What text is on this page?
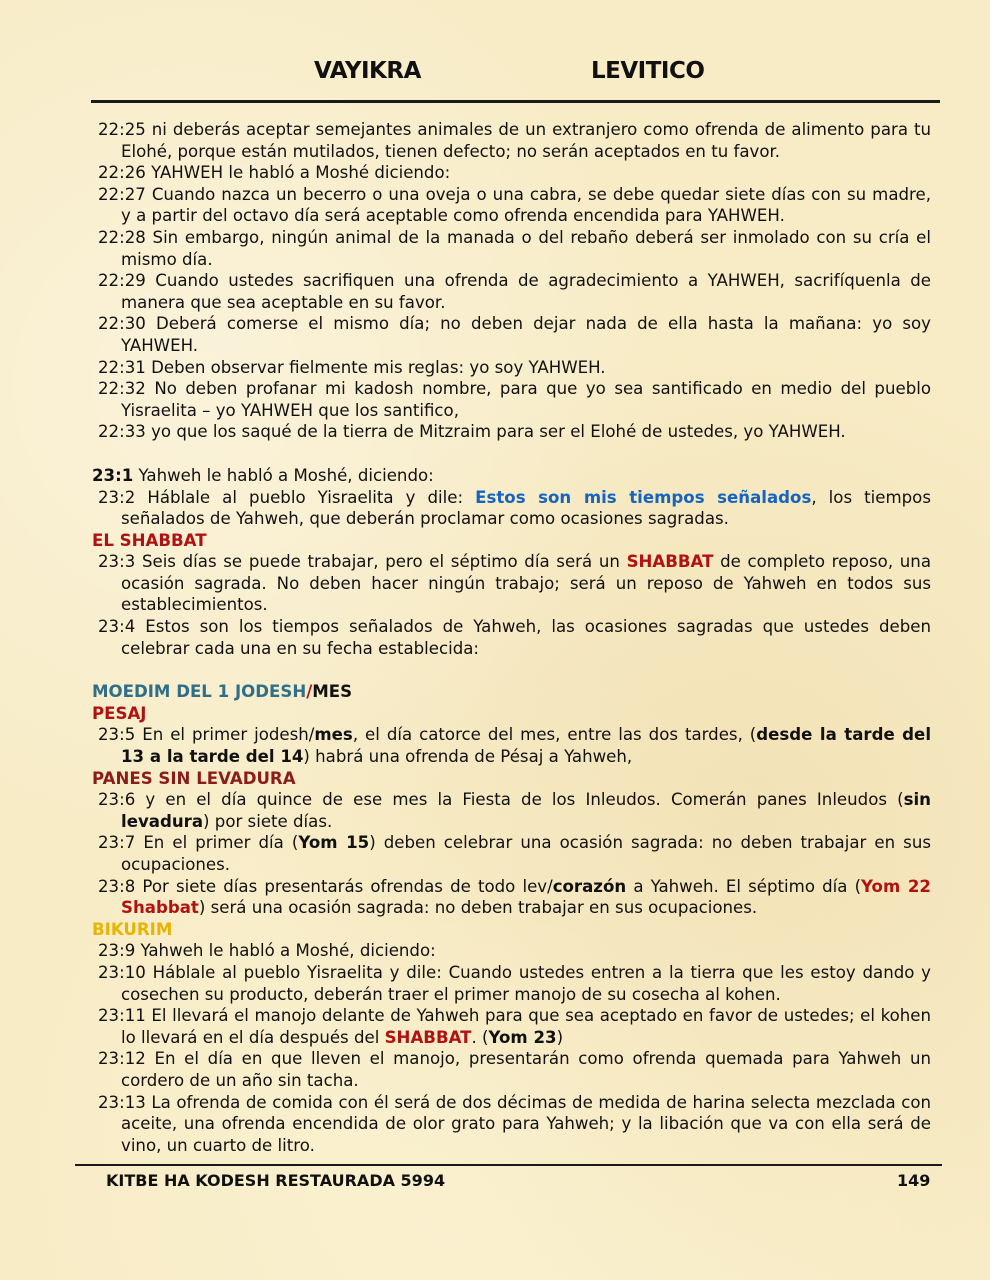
VAYIKRA	LEVITICO

22:25 ni deberás aceptar semejantes animales de un extranjero como ofrenda de alimento para tu Elohé, porque están mutilados, tienen defecto; no serán aceptados en tu favor.

22:26 YAHWEH le habló a Moshé diciendo:

22:27 Cuando nazca un becerro o una oveja o una cabra, se debe quedar siete días con su madre, y a partir del octavo día será aceptable como ofrenda encendida para YAHWEH.

22:28 Sin embargo, ningún animal de la manada o del rebaño deberá ser inmolado con su cría el mismo día.

22:29 Cuando ustedes sacrifiquen una ofrenda de agradecimiento a YAHWEH, sacrifíquenla de manera que sea aceptable en su favor.

22:30 Deberá comerse el mismo día; no deben dejar nada de ella hasta la mañana: yo soy YAHWEH.

22:31 Deben observar fielmente mis reglas: yo soy YAHWEH.

22:32 No deben profanar mi kadosh nombre, para que yo sea santificado en medio del pueblo Yisraelita – yo YAHWEH que los santifico,

22:33 yo que los saqué de la tierra de Mitzraim para ser el Elohé de ustedes, yo YAHWEH.

23:1 Yahweh le habló a Moshé, diciendo:

23:2 Háblale al pueblo Yisraelita y dile: Estos son mis tiempos señalados, los tiempos señalados de Yahweh, que deberán proclamar como ocasiones sagradas.

EL SHABBAT

23:3 Seis días se puede trabajar, pero el séptimo día será un SHABBAT de completo reposo, una ocasión sagrada. No deben hacer ningún trabajo; será un reposo de Yahweh en todos sus establecimientos.

23:4 Estos son los tiempos señalados de Yahweh, las ocasiones sagradas que ustedes deben celebrar cada una en su fecha establecida:

MOEDIM DEL 1 JODESH/MES

PESAJ

23:5 En el primer jodesh/mes, el día catorce del mes, entre las dos tardes, (desde la tarde del 13 a la tarde del 14) habrá una ofrenda de Pésaj a Yahweh,

PANES SIN LEVADURA

23:6 y en el día quince de ese mes la Fiesta de los Inleudos. Comerán panes Inleudos (sin levadura) por siete días.

23:7 En el primer día (Yom 15) deben celebrar una ocasión sagrada: no deben trabajar en sus ocupaciones.

23:8 Por siete días presentarás ofrendas de todo lev/corazón a Yahweh. El séptimo día (Yom 22 Shabbat) será una ocasión sagrada: no deben trabajar en sus ocupaciones.

BIKURIM

23:9 Yahweh le habló a Moshé, diciendo:

23:10 Háblale al pueblo Yisraelita y dile: Cuando ustedes entren a la tierra que les estoy dando y cosechen su producto, deberán traer el primer manojo de su cosecha al kohen.

23:11 El llevará el manojo delante de Yahweh para que sea aceptado en favor de ustedes; el kohen lo llevará en el día después del SHABBAT. (Yom 23)

23:12 En el día en que lleven el manojo, presentarán como ofrenda quemada para Yahweh un cordero de un año sin tacha.

23:13 La ofrenda de comida con él será de dos décimas de medida de harina selecta mezclada con aceite, una ofrenda encendida de olor grato para Yahweh; y la libación que va con ella será de vino, un cuarto de litro.

KITBE HA KODESH RESTAURADA 5994	149
